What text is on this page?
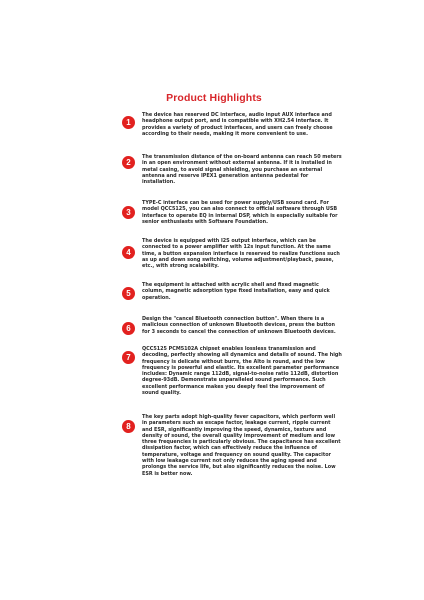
Product Highlights
1
The device has reserved DC interface, audio input AUX interface and headphone output port, and is compatible with XH2.54 interface. It provides a variety of product interfaces, and users can freely choose according to their needs, making it more convenient to use.
2
The transmission distance of the on-board antenna can reach 50 meters in an open environment without external antenna. If it is installed in metal casing, to avoid signal shielding, you purchase an external antenna and reserve IPEX1 generation antenna pedestal for installation.
3
TYPE-C interface can be used for power supply/USB sound card. For model QCC5125, you can also connect to official software through USB interface to operate EQ in internal DSP, which is especially suitable for senior enthusiasts with Software Foundation.
4
The device is equipped with I2S output interface, which can be connected to a power amplifier with 12s input function. At the same time, a button expansion interface is reserved to realize functions such as up and down song switching, volume adjustment/playback, pause, etc., with strong scalability.
5
The equipment is attached with acrylic shell and fixed magnetic column, magnetic adsorption type fixed installation, easy and quick operation.
6
Design the "cancel Bluetooth connection button". When there is a malicious connection of unknown Bluetooth devices, press the button for 3 seconds to cancel the connection of unknown Bluetooth devices.
7
QCC5125 PCM5102A chipset enables lossless transmission and decoding, perfectly showing all dynamics and details of sound. The high frequency is delicate without burrs, the Alto is round, and the low frequency is powerful and elastic. Its excellent parameter performance includes: Dynamic range 112dB, signal-to-noise ratio 112dB, distortion degree-93dB. Demonstrate unparalleled sound performance. Such excellent performance makes you deeply feel the improvement of sound quality.
8
The key parts adopt high-quality fever capacitors, which perform well in parameters such as escape factor, leakage current, ripple current and ESR, significantly improving the speed, dynamics, texture and density of sound, the overall quality improvement of medium and low three frequencies is particularly obvious. The capacitance has excellent dissipation factor, which can effectively reduce the influence of temperature, voltage and frequency on sound quality. The capacitor with low leakage current not only reduces the aging speed and prolongs the service life, but also significantly reduces the noise. Low ESR is better now.
